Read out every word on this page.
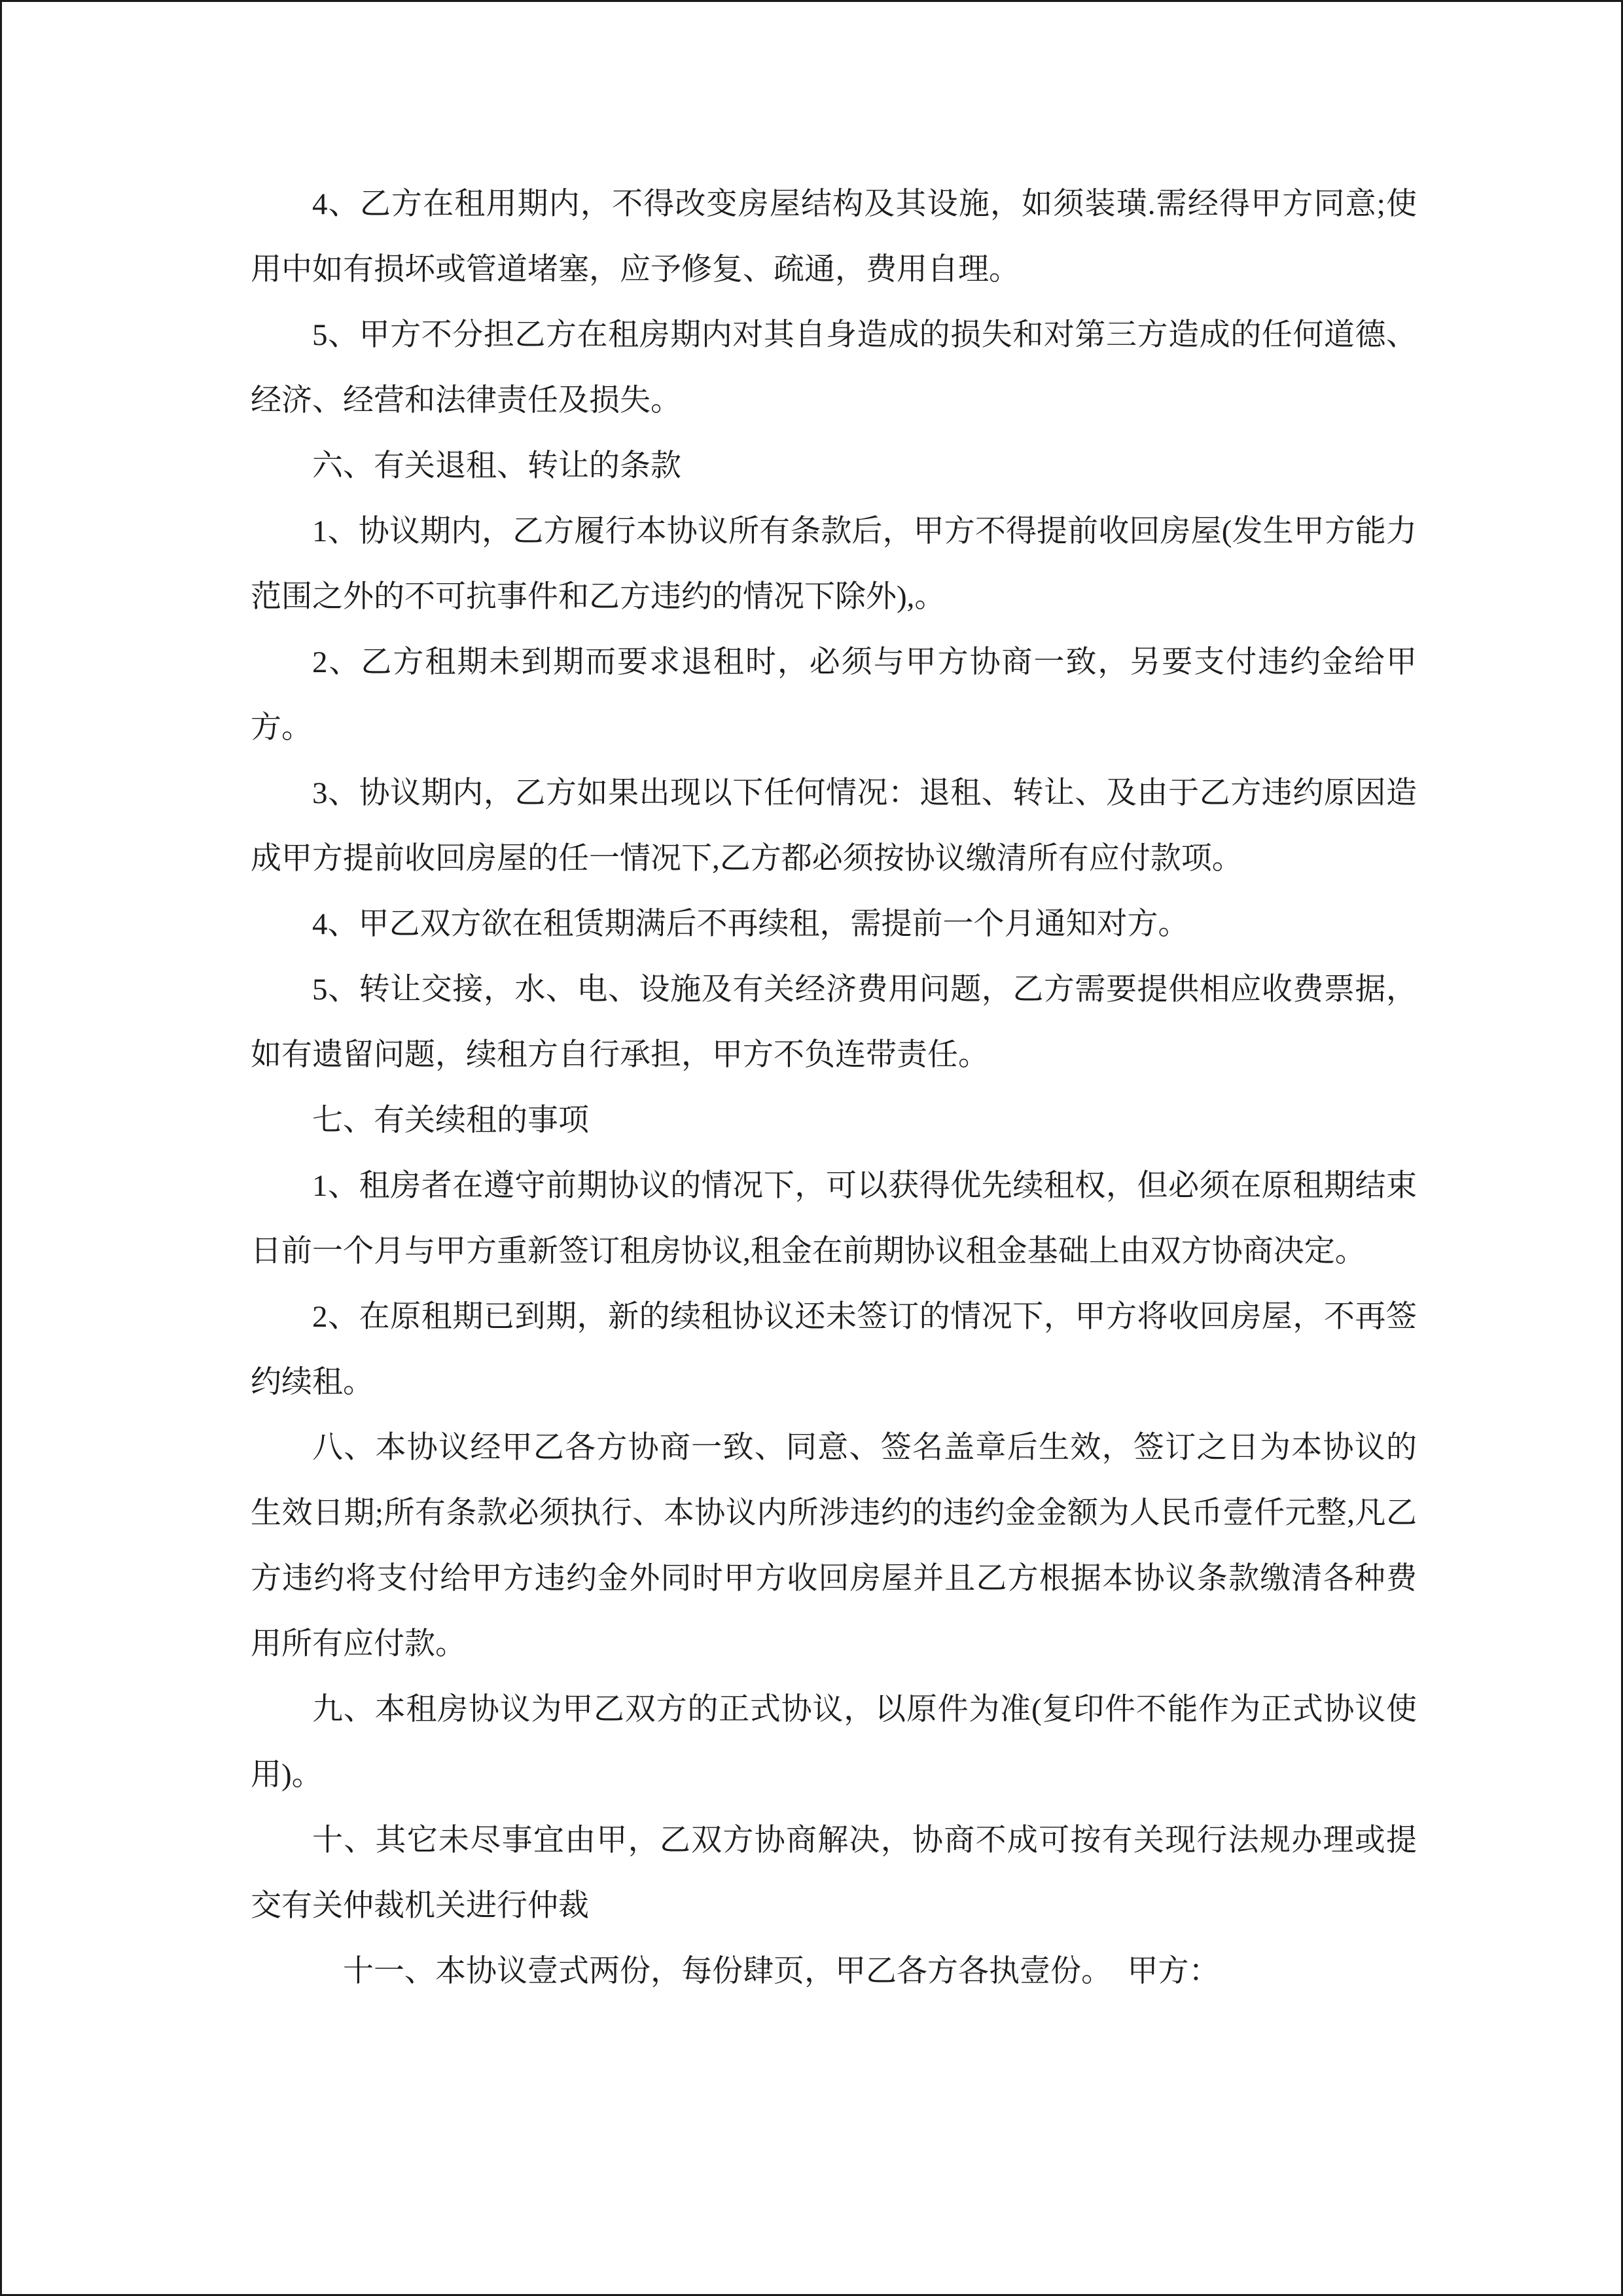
4、乙方在租用期内，不得改变房屋结构及其设施，如须装璜.需经得甲方同意;使用中如有损坏或管道堵塞，应予修复、疏通，费用自理。

5、甲方不分担乙方在租房期内对其自身造成的损失和对第三方造成的任何道德、经济、经营和法律责任及损失。

六、有关退租、转让的条款

1、协议期内，乙方履行本协议所有条款后，甲方不得提前收回房屋(发生甲方能力范围之外的不可抗事件和乙方违约的情况下除外),。

2、乙方租期未到期而要求退租时，必须与甲方协商一致，另要支付违约金给甲方。

3、协议期内，乙方如果出现以下任何情况：退租、转让、及由于乙方违约原因造成甲方提前收回房屋的任一情况下,乙方都必须按协议缴清所有应付款项。

4、甲乙双方欲在租赁期满后不再续租，需提前一个月通知对方。

5、转让交接，水、电、设施及有关经济费用问题，乙方需要提供相应收费票据，如有遗留问题，续租方自行承担，甲方不负连带责任。

七、有关续租的事项

1、租房者在遵守前期协议的情况下，可以获得优先续租权，但必须在原租期结束日前一个月与甲方重新签订租房协议,租金在前期协议租金基础上由双方协商决定。

2、在原租期已到期，新的续租协议还未签订的情况下，甲方将收回房屋，不再签约续租。

八、本协议经甲乙各方协商一致、同意、签名盖章后生效，签订之日为本协议的生效日期;所有条款必须执行、本协议内所涉违约的违约金金额为人民币壹仟元整,凡乙方违约将支付给甲方违约金外同时甲方收回房屋并且乙方根据本协议条款缴清各种费用所有应付款。

九、本租房协议为甲乙双方的正式协议，以原件为准(复印件不能作为正式协议使用)。

十、其它未尽事宜由甲，乙双方协商解决，协商不成可按有关现行法规办理或提交有关仲裁机关进行仲裁

十一、本协议壹式两份，每份肆页，甲乙各方各执壹份。　甲方：
